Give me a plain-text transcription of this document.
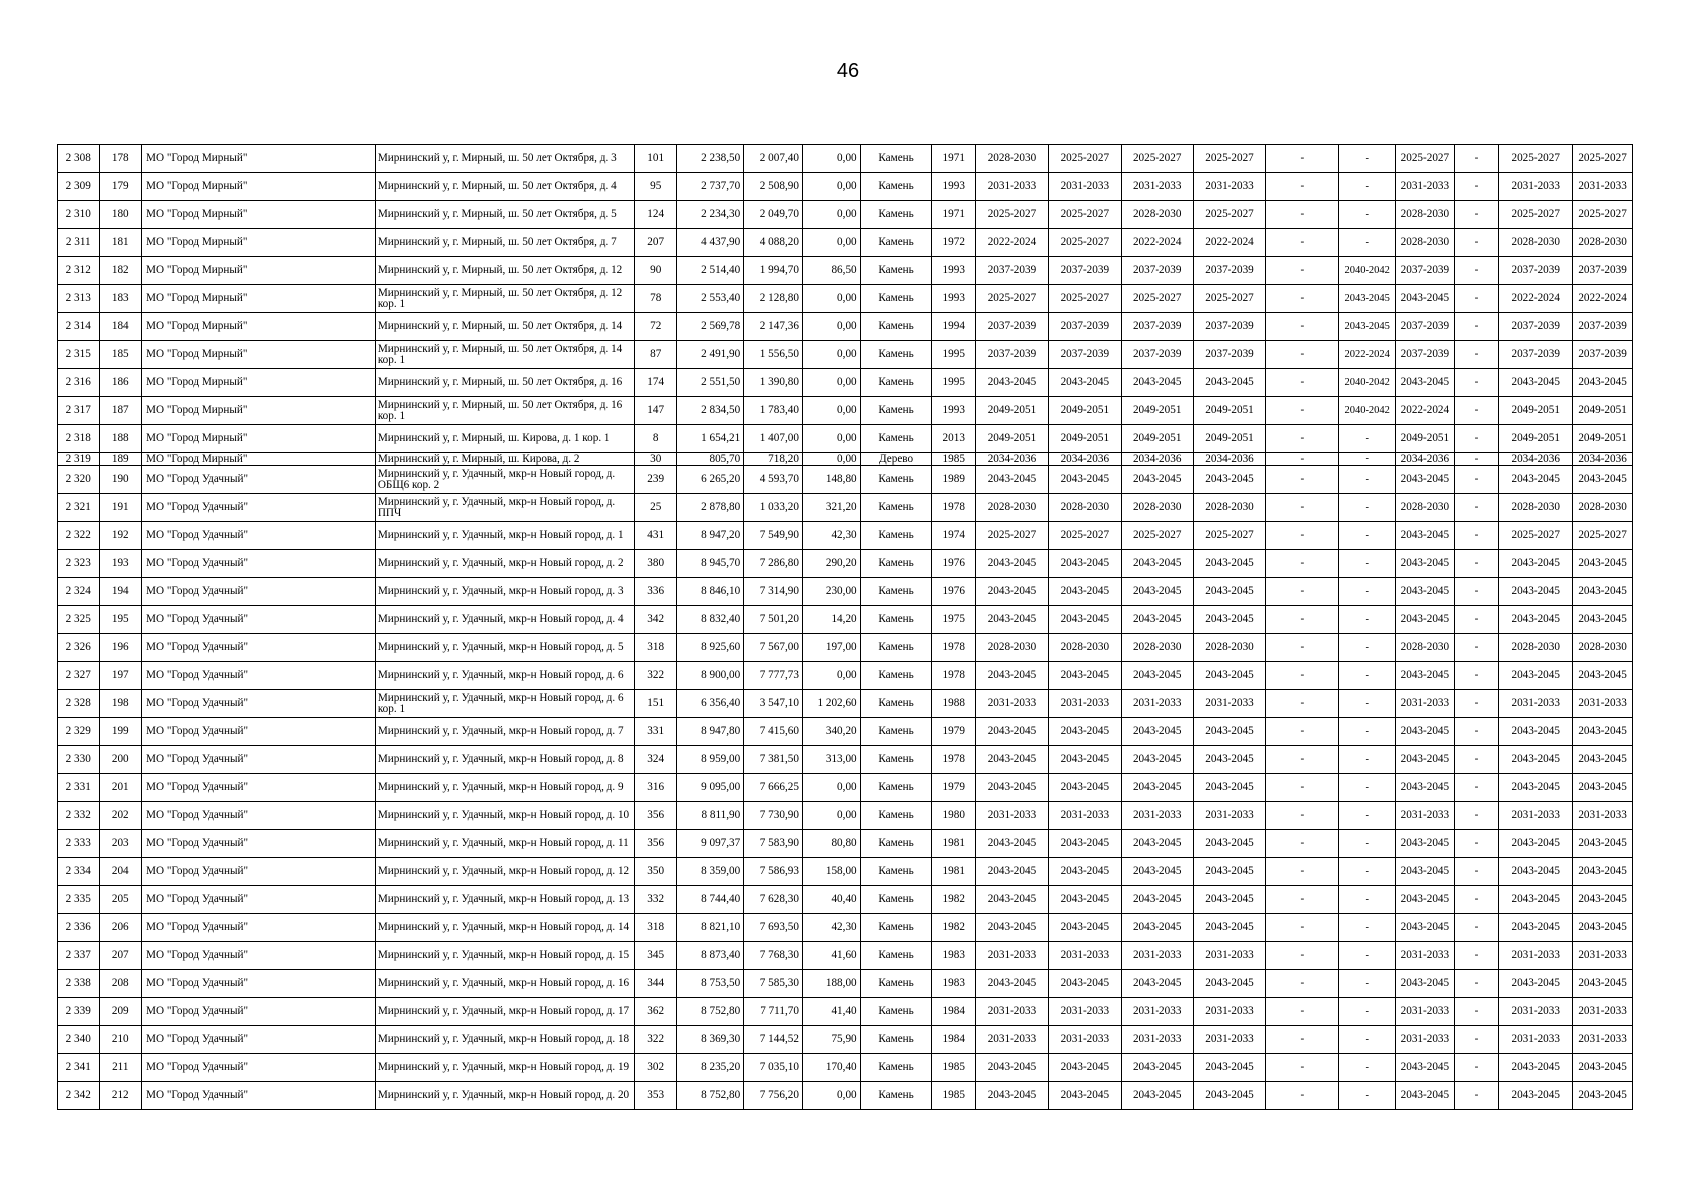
46
2 308	178	МО "Город Мирный"	Мирнинский у, г. Мирный, ш. 50 лет Октября, д. 3	101	2 238,50	2 007,40	0,00	Камень	1971	2028-2030	2025-2027	2025-2027	2025-2027	-	-	2025-2027	-	2025-2027	2025-2027
2 309	179	МО "Город Мирный"	Мирнинский у, г. Мирный, ш. 50 лет Октября, д. 4	95	2 737,70	2 508,90	0,00	Камень	1993	2031-2033	2031-2033	2031-2033	2031-2033	-	-	2031-2033	-	2031-2033	2031-2033
2 310	180	МО "Город Мирный"	Мирнинский у, г. Мирный, ш. 50 лет Октября, д. 5	124	2 234,30	2 049,70	0,00	Камень	1971	2025-2027	2025-2027	2028-2030	2025-2027	-	-	2028-2030	-	2025-2027	2025-2027
2 311	181	МО "Город Мирный"	Мирнинский у, г. Мирный, ш. 50 лет Октября, д. 7	207	4 437,90	4 088,20	0,00	Камень	1972	2022-2024	2025-2027	2022-2024	2022-2024	-	-	2028-2030	-	2028-2030	2028-2030
2 312	182	МО "Город Мирный"	Мирнинский у, г. Мирный, ш. 50 лет Октября, д. 12	90	2 514,40	1 994,70	86,50	Камень	1993	2037-2039	2037-2039	2037-2039	2037-2039	-	2040-2042	2037-2039	-	2037-2039	2037-2039
2 313	183	МО "Город Мирный"	Мирнинский у, г. Мирный, ш. 50 лет Октября, д. 12 кор. 1	78	2 553,40	2 128,80	0,00	Камень	1993	2025-2027	2025-2027	2025-2027	2025-2027	-	2043-2045	2043-2045	-	2022-2024	2022-2024
2 314	184	МО "Город Мирный"	Мирнинский у, г. Мирный, ш. 50 лет Октября, д. 14	72	2 569,78	2 147,36	0,00	Камень	1994	2037-2039	2037-2039	2037-2039	2037-2039	-	2043-2045	2037-2039	-	2037-2039	2037-2039
2 315	185	МО "Город Мирный"	Мирнинский у, г. Мирный, ш. 50 лет Октября, д. 14 кор. 1	87	2 491,90	1 556,50	0,00	Камень	1995	2037-2039	2037-2039	2037-2039	2037-2039	-	2022-2024	2037-2039	-	2037-2039	2037-2039
2 316	186	МО "Город Мирный"	Мирнинский у, г. Мирный, ш. 50 лет Октября, д. 16	174	2 551,50	1 390,80	0,00	Камень	1995	2043-2045	2043-2045	2043-2045	2043-2045	-	2040-2042	2043-2045	-	2043-2045	2043-2045
2 317	187	МО "Город Мирный"	Мирнинский у, г. Мирный, ш. 50 лет Октября, д. 16 кор. 1	147	2 834,50	1 783,40	0,00	Камень	1993	2049-2051	2049-2051	2049-2051	2049-2051	-	2040-2042	2022-2024	-	2049-2051	2049-2051
2 318	188	МО "Город Мирный"	Мирнинский у, г. Мирный, ш. Кирова, д. 1 кор. 1	8	1 654,21	1 407,00	0,00	Камень	2013	2049-2051	2049-2051	2049-2051	2049-2051	-	-	2049-2051	-	2049-2051	2049-2051
2 319	189	МО "Город Мирный"	Мирнинский у, г. Мирный, ш. Кирова, д. 2	30	805,70	718,20	0,00	Дерево	1985	2034-2036	2034-2036	2034-2036	2034-2036	-	-	2034-2036	-	2034-2036	2034-2036
2 320	190	МО "Город Удачный"	Мирнинский у, г. Удачный, мкр-н Новый город, д. ОБЩ6 кор. 2	239	6 265,20	4 593,70	148,80	Камень	1989	2043-2045	2043-2045	2043-2045	2043-2045	-	-	2043-2045	-	2043-2045	2043-2045
2 321	191	МО "Город Удачный"	Мирнинский у, г. Удачный, мкр-н Новый город, д. ППЧ	25	2 878,80	1 033,20	321,20	Камень	1978	2028-2030	2028-2030	2028-2030	2028-2030	-	-	2028-2030	-	2028-2030	2028-2030
2 322	192	МО "Город Удачный"	Мирнинский у, г. Удачный, мкр-н Новый город, д. 1	431	8 947,20	7 549,90	42,30	Камень	1974	2025-2027	2025-2027	2025-2027	2025-2027	-	-	2043-2045	-	2025-2027	2025-2027
2 323	193	МО "Город Удачный"	Мирнинский у, г. Удачный, мкр-н Новый город, д. 2	380	8 945,70	7 286,80	290,20	Камень	1976	2043-2045	2043-2045	2043-2045	2043-2045	-	-	2043-2045	-	2043-2045	2043-2045
2 324	194	МО "Город Удачный"	Мирнинский у, г. Удачный, мкр-н Новый город, д. 3	336	8 846,10	7 314,90	230,00	Камень	1976	2043-2045	2043-2045	2043-2045	2043-2045	-	-	2043-2045	-	2043-2045	2043-2045
2 325	195	МО "Город Удачный"	Мирнинский у, г. Удачный, мкр-н Новый город, д. 4	342	8 832,40	7 501,20	14,20	Камень	1975	2043-2045	2043-2045	2043-2045	2043-2045	-	-	2043-2045	-	2043-2045	2043-2045
2 326	196	МО "Город Удачный"	Мирнинский у, г. Удачный, мкр-н Новый город, д. 5	318	8 925,60	7 567,00	197,00	Камень	1978	2028-2030	2028-2030	2028-2030	2028-2030	-	-	2028-2030	-	2028-2030	2028-2030
2 327	197	МО "Город Удачный"	Мирнинский у, г. Удачный, мкр-н Новый город, д. 6	322	8 900,00	7 777,73	0,00	Камень	1978	2043-2045	2043-2045	2043-2045	2043-2045	-	-	2043-2045	-	2043-2045	2043-2045
2 328	198	МО "Город Удачный"	Мирнинский у, г. Удачный, мкр-н Новый город, д. 6 кор. 1	151	6 356,40	3 547,10	1 202,60	Камень	1988	2031-2033	2031-2033	2031-2033	2031-2033	-	-	2031-2033	-	2031-2033	2031-2033
2 329	199	МО "Город Удачный"	Мирнинский у, г. Удачный, мкр-н Новый город, д. 7	331	8 947,80	7 415,60	340,20	Камень	1979	2043-2045	2043-2045	2043-2045	2043-2045	-	-	2043-2045	-	2043-2045	2043-2045
2 330	200	МО "Город Удачный"	Мирнинский у, г. Удачный, мкр-н Новый город, д. 8	324	8 959,00	7 381,50	313,00	Камень	1978	2043-2045	2043-2045	2043-2045	2043-2045	-	-	2043-2045	-	2043-2045	2043-2045
2 331	201	МО "Город Удачный"	Мирнинский у, г. Удачный, мкр-н Новый город, д. 9	316	9 095,00	7 666,25	0,00	Камень	1979	2043-2045	2043-2045	2043-2045	2043-2045	-	-	2043-2045	-	2043-2045	2043-2045
2 332	202	МО "Город Удачный"	Мирнинский у, г. Удачный, мкр-н Новый город, д. 10	356	8 811,90	7 730,90	0,00	Камень	1980	2031-2033	2031-2033	2031-2033	2031-2033	-	-	2031-2033	-	2031-2033	2031-2033
2 333	203	МО "Город Удачный"	Мирнинский у, г. Удачный, мкр-н Новый город, д. 11	356	9 097,37	7 583,90	80,80	Камень	1981	2043-2045	2043-2045	2043-2045	2043-2045	-	-	2043-2045	-	2043-2045	2043-2045
2 334	204	МО "Город Удачный"	Мирнинский у, г. Удачный, мкр-н Новый город, д. 12	350	8 359,00	7 586,93	158,00	Камень	1981	2043-2045	2043-2045	2043-2045	2043-2045	-	-	2043-2045	-	2043-2045	2043-2045
2 335	205	МО "Город Удачный"	Мирнинский у, г. Удачный, мкр-н Новый город, д. 13	332	8 744,40	7 628,30	40,40	Камень	1982	2043-2045	2043-2045	2043-2045	2043-2045	-	-	2043-2045	-	2043-2045	2043-2045
2 336	206	МО "Город Удачный"	Мирнинский у, г. Удачный, мкр-н Новый город, д. 14	318	8 821,10	7 693,50	42,30	Камень	1982	2043-2045	2043-2045	2043-2045	2043-2045	-	-	2043-2045	-	2043-2045	2043-2045
2 337	207	МО "Город Удачный"	Мирнинский у, г. Удачный, мкр-н Новый город, д. 15	345	8 873,40	7 768,30	41,60	Камень	1983	2031-2033	2031-2033	2031-2033	2031-2033	-	-	2031-2033	-	2031-2033	2031-2033
2 338	208	МО "Город Удачный"	Мирнинский у, г. Удачный, мкр-н Новый город, д. 16	344	8 753,50	7 585,30	188,00	Камень	1983	2043-2045	2043-2045	2043-2045	2043-2045	-	-	2043-2045	-	2043-2045	2043-2045
2 339	209	МО "Город Удачный"	Мирнинский у, г. Удачный, мкр-н Новый город, д. 17	362	8 752,80	7 711,70	41,40	Камень	1984	2031-2033	2031-2033	2031-2033	2031-2033	-	-	2031-2033	-	2031-2033	2031-2033
2 340	210	МО "Город Удачный"	Мирнинский у, г. Удачный, мкр-н Новый город, д. 18	322	8 369,30	7 144,52	75,90	Камень	1984	2031-2033	2031-2033	2031-2033	2031-2033	-	-	2031-2033	-	2031-2033	2031-2033
2 341	211	МО "Город Удачный"	Мирнинский у, г. Удачный, мкр-н Новый город, д. 19	302	8 235,20	7 035,10	170,40	Камень	1985	2043-2045	2043-2045	2043-2045	2043-2045	-	-	2043-2045	-	2043-2045	2043-2045
2 342	212	МО "Город Удачный"	Мирнинский у, г. Удачный, мкр-н Новый город, д. 20	353	8 752,80	7 756,20	0,00	Камень	1985	2043-2045	2043-2045	2043-2045	2043-2045	-	-	2043-2045	-	2043-2045	2043-2045
